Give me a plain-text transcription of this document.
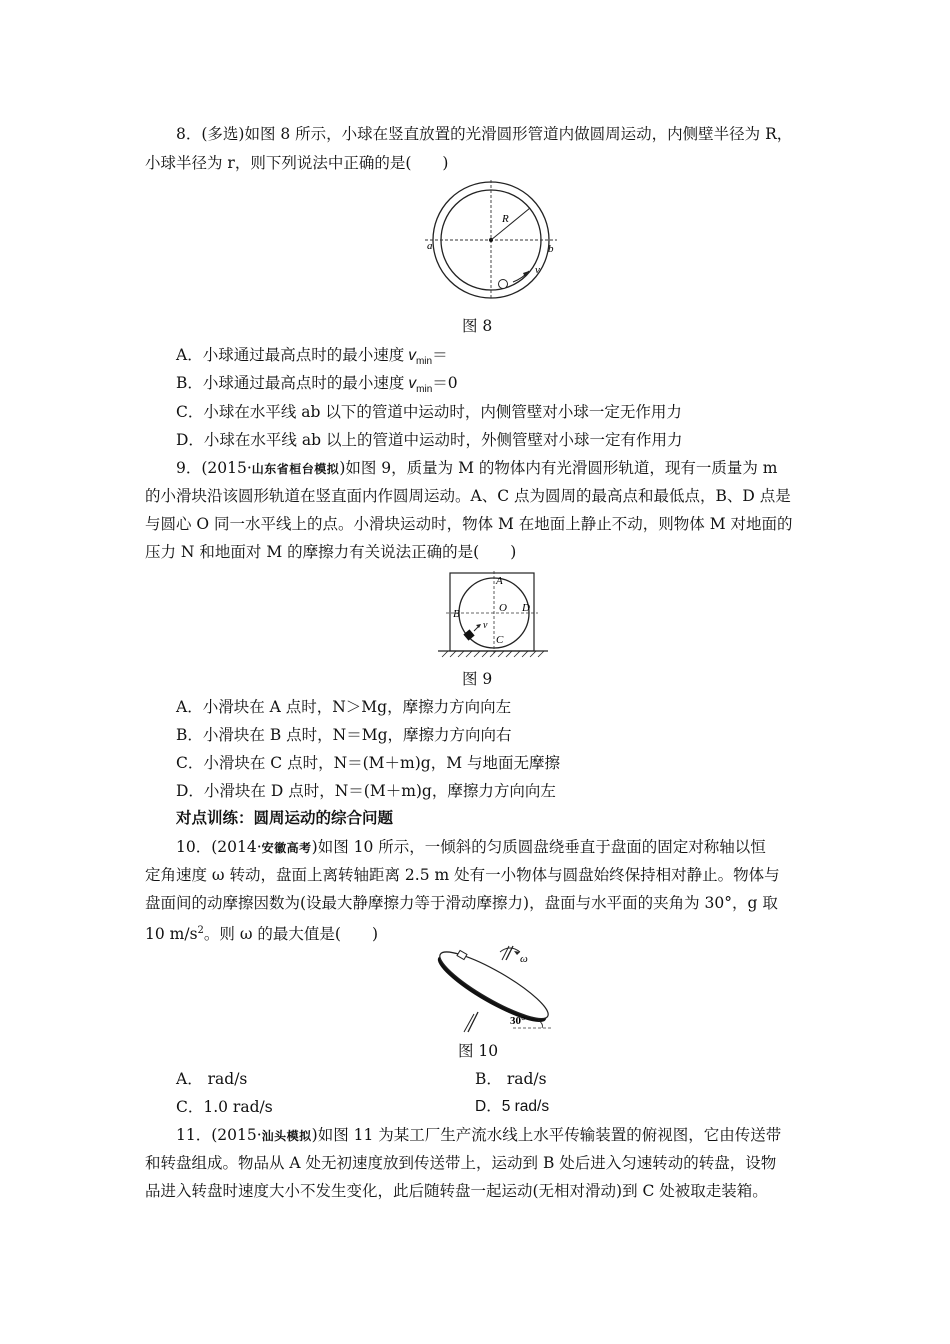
8．(多选)如图 8 所示，小球在竖直放置的光滑圆形管道内做圆周运动，内侧壁半径为 R，
小球半径为 r，则下列说法中正确的是(　　)
R
a	b
v
图 8
A．小球通过最高点时的最小速度 $v_{min}=$
B．小球通过最高点时的最小速度 $v_{min}=0$
C．小球在水平线 ab 以下的管道中运动时，内侧管壁对小球一定无作用力
D．小球在水平线 ab 以上的管道中运动时，外侧管壁对小球一定有作用力
9．(2015·山东省桓台模拟)如图 9，质量为 M 的物体内有光滑圆形轨道，现有一质量为 m
的小滑块沿该圆形轨道在竖直面内作圆周运动。A、C 点为圆周的最高点和最低点，B、D 点是
与圆心 O 同一水平线上的点。小滑块运动时，物体 M 在地面上静止不动，则物体 M 对地面的
压力 N 和地面对 M 的摩擦力有关说法正确的是(　　)
A
B
C
D
O
v
图 9
A．小滑块在 A 点时，N＞Mg，摩擦力方向向左
B．小滑块在 B 点时，N＝Mg，摩擦力方向向右
C．小滑块在 C 点时，N＝(M＋m)g，M 与地面无摩擦
D．小滑块在 D 点时，N＝(M＋m)g，摩擦力方向向左
对点训练：圆周运动的综合问题
10．(2014·安徽高考)如图 10 所示，一倾斜的匀质圆盘绕垂直于盘面的固定对称轴以恒
定角速度 ω 转动，盘面上离转轴距离 2.5 m 处有一小物体与圆盘始终保持相对静止。物体与
盘面间的动摩擦因数为(设最大静摩擦力等于滑动摩擦力)，盘面与水平面的夹角为 30°，g 取
10 $m/s^2$。则 ω 的最大值是(　　)
ω
30°
图 10
A． rad/s	B． rad/s
C．1.0 rad/s	D．5 rad/s
11．(2015·汕头模拟)如图 11 为某工厂生产流水线上水平传输装置的俯视图，它由传送带
和转盘组成。物品从 A 处无初速度放到传送带上，运动到 B 处后进入匀速转动的转盘，设物
品进入转盘时速度大小不发生变化，此后随转盘一起运动(无相对滑动)到 C 处被取走装箱。
